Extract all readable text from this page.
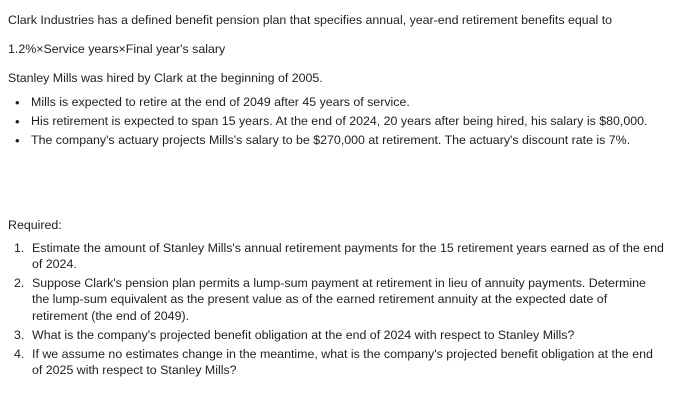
Clark Industries has a defined benefit pension plan that specifies annual, year-end retirement benefits equal to
1.2%×Service years×Final year's salary
Stanley Mills was hired by Clark at the beginning of 2005.
• Mills is expected to retire at the end of 2049 after 45 years of service.
• His retirement is expected to span 15 years. At the end of 2024, 20 years after being hired, his salary is $80,000.
• The company's actuary projects Mills's salary to be $270,000 at retirement. The actuary's discount rate is 7%.
Required:
1. Estimate the amount of Stanley Mills's annual retirement payments for the 15 retirement years earned as of the end of 2024.
2. Suppose Clark's pension plan permits a lump-sum payment at retirement in lieu of annuity payments. Determine the lump-sum equivalent as the present value as of the earned retirement annuity at the expected date of retirement (the end of 2049).
3. What is the company's projected benefit obligation at the end of 2024 with respect to Stanley Mills?
4. If we assume no estimates change in the meantime, what is the company's projected benefit obligation at the end of 2025 with respect to Stanley Mills?
